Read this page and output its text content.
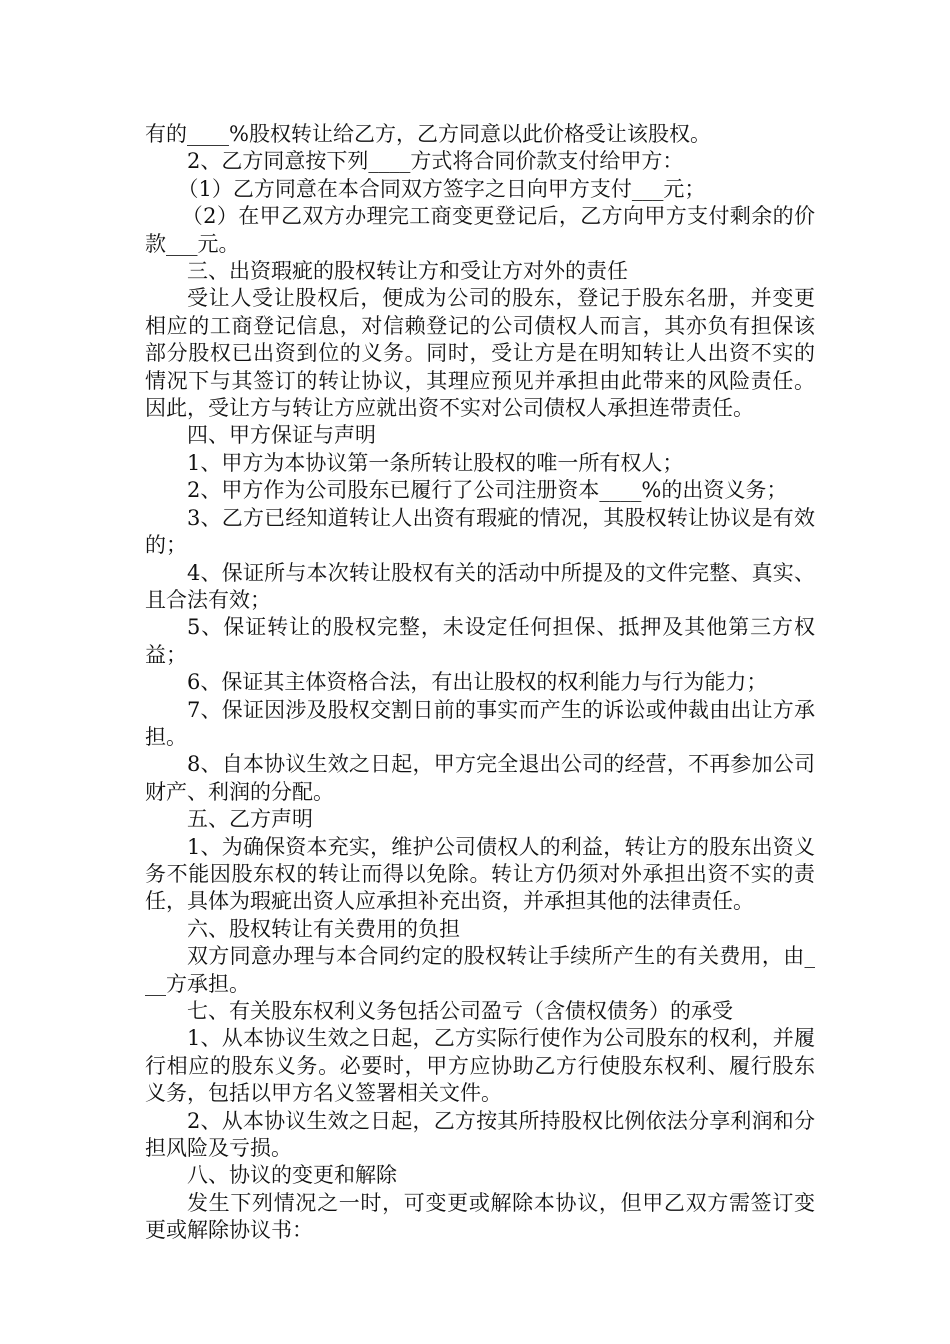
有的____%股权转让给乙方，乙方同意以此价格受让该股权。

2、乙方同意按下列____方式将合同价款支付给甲方：

（1）乙方同意在本合同双方签字之日向甲方支付___元；

（2）在甲乙双方办理完工商变更登记后，乙方向甲方支付剩余的价款___元。

三、出资瑕疵的股权转让方和受让方对外的责任

受让人受让股权后，便成为公司的股东，登记于股东名册，并变更相应的工商登记信息，对信赖登记的公司债权人而言，其亦负有担保该部分股权已出资到位的义务。同时，受让方是在明知转让人出资不实的情况下与其签订的转让协议，其理应预见并承担由此带来的风险责任。因此，受让方与转让方应就出资不实对公司债权人承担连带责任。

四、甲方保证与声明

1、甲方为本协议第一条所转让股权的唯一所有权人；

2、甲方作为公司股东已履行了公司注册资本____%的出资义务；

3、乙方已经知道转让人出资有瑕疵的情况，其股权转让协议是有效的；

4、保证所与本次转让股权有关的活动中所提及的文件完整、真实、且合法有效；

5、保证转让的股权完整，未设定任何担保、抵押及其他第三方权益；

6、保证其主体资格合法，有出让股权的权利能力与行为能力；

7、保证因涉及股权交割日前的事实而产生的诉讼或仲裁由出让方承担。

8、自本协议生效之日起，甲方完全退出公司的经营，不再参加公司财产、利润的分配。

五、乙方声明

1、为确保资本充实，维护公司债权人的利益，转让方的股东出资义务不能因股东权的转让而得以免除。转让方仍须对外承担出资不实的责任，具体为瑕疵出资人应承担补充出资，并承担其他的法律责任。

六、股权转让有关费用的负担

双方同意办理与本合同约定的股权转让手续所产生的有关费用，由___方承担。

七、有关股东权利义务包括公司盈亏（含债权债务）的承受

1、从本协议生效之日起，乙方实际行使作为公司股东的权利，并履行相应的股东义务。必要时，甲方应协助乙方行使股东权利、履行股东义务，包括以甲方名义签署相关文件。

2、从本协议生效之日起，乙方按其所持股权比例依法分享利润和分担风险及亏损。

八、协议的变更和解除

发生下列情况之一时，可变更或解除本协议，但甲乙双方需签订变更或解除协议书：
